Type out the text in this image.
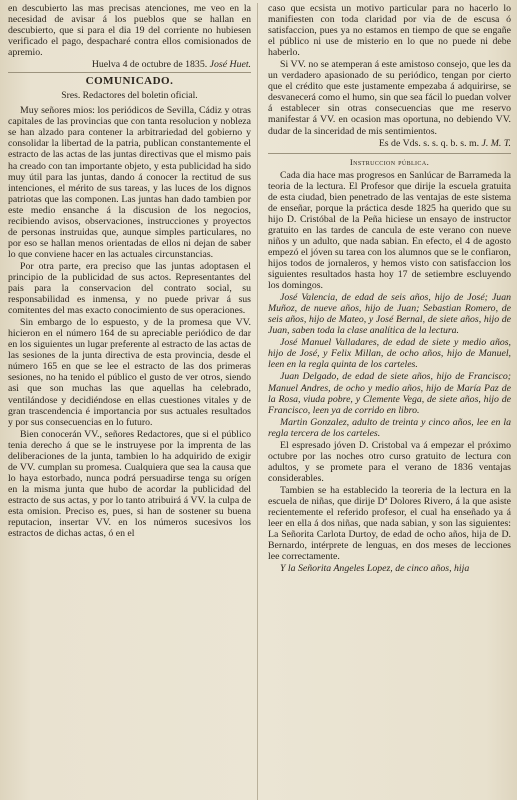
en descubierto las mas precisas atenciones, me veo en la necesidad de avisar á los pueblos que se hallan en descubierto, que si para el dia 19 del corriente no hubiesen verificado el pago, despacharé contra ellos comisionados de apremio.

Huelva 4 de octubre de 1835. José Huet.

COMUNICADO.
Sres. Redactores del boletin oficial.

Muy señores mios: los periódicos de Sevilla, Cádiz y otras capitales de las provincias que con tanta resolucion y nobleza se han alzado para contener la arbitrariedad del gobierno y consolidar la libertad de la patria, publican constantemente el estracto de las actas de las juntas directivas que el mismo pais ha creado con tan importante objeto, y esta publicidad ha sido muy útil para las juntas, dando á conocer la rectitud de sus intenciones, el mérito de sus tareas, y las luces de los dignos patriotas que las componen. Las juntas han dado tambien por este medio ensanche á la discusion de los negocios, recibiendo avisos, observaciones, instrucciones y proyectos de personas instruidas que, aunque simples particulares, no por eso se hallan menos orientadas de ellos ni dejan de saber lo que conviene hacer en las actuales circunstancias.

Por otra parte, era preciso que las juntas adoptasen el principio de la publicidad de sus actos. Representantes del pais para la conservacion del contrato social, su responsabilidad es inmensa, y no puede privar á sus comitentes del mas exacto conocimiento de sus operaciones.

Sin embargo de lo espuesto, y de la promesa que VV. hicieron en el número 164 de su apreciable periódico de dar en los siguientes un lugar preferente al estracto de las actas de las sesiones de la junta directiva de esta provincia, desde el número 165 en que se lee el estracto de las dos primeras sesiones, no ha tenido el público el gusto de ver otros, siendo asi que son muchas las que aquellas ha celebrado, ventilándose y decidiéndose en ellas cuestiones vitales y de gran trascendencia é importancia por sus actuales resultados y por sus consecuencias en lo futuro.

Bien conocerán VV., señores Redactores, que si el público tenia derecho á que se le instruyese por la imprenta de las deliberaciones de la junta, tambien lo ha adquirido de exigir de VV. cumplan su promesa. Cualquiera que sea la causa que lo haya estorbado, nunca podrá persuadirse tenga su orígen en la misma junta que hubo de acordar la publicidad del estracto de sus actas, y por lo tanto atribuirá á VV. la culpa de esta omision. Preciso es, pues, si han de sostener su buena reputacion, insertar VV. en los números sucesivos los estractos de dichas actas, ó en el

caso que ecsista un motivo particular para no hacerlo lo manifiesten con toda claridad por via de de escusa ó satisfaccion, pues ya no estamos en tiempo de que se engañe el público ni use de misterio en lo que no puede ni debe haberlo.

Si VV. no se atemperan á este amistoso consejo, que les da un verdadero apasionado de su periódico, tengan por cierto que el crédito que este justamente empezaba á adquirirse, se desvanecerá como el humo, sin que sea fácil lo puedan volver á establecer sin otras consecuencias que me reservo manifestar á VV. en ocasion mas oportuna, no debiendo VV. dudar de la sinceridad de mis sentimientos.

Es de Vds. s. s. q. b. s. m. J. M. T.

Instruccion pública.

Cada dia hace mas progresos en Sanlúcar de Barrameda la teoria de la lectura. El Profesor que dirije la escuela gratuita de esta ciudad, bien penetrado de las ventajas de este sistema de enseñar, porque la práctica desde 1825 ha querido que su hijo D. Cristóbal de la Peña hiciese un ensayo de instructor gratuito en las tardes de cancula de este verano con nueve niños y un adulto, que nada sabian. En efecto, el 4 de agosto empezó el jóven su tarea con los alumnos que se le confiaron, hijos todos de jornaleros, y hemos visto con satisfaccion los siguientes resultados hasta hoy 17 de setiembre escluyendo los domingos.

José Valencia, de edad de seis años, hijo de José; Juan Muñoz, de nueve años, hijo de Juan; Sebastian Romero, de seis años, hijo de Mateo, y José Bernal, de siete años, hijo de Juan, saben toda la clase analítica de la lectura.

José Manuel Valladares, de edad de siete y medio años, hijo de José, y Felix Millan, de ocho años, hijo de Manuel, leen en la regla quinta de los carteles.

Juan Delgado, de edad de siete años, hijo de Francisco; Manuel Andres, de ocho y medio años, hijo de María Paz de la Rosa, viuda pobre, y Clemente Vega, de siete años, hijo de Francisco, leen ya de corrido en libro.

Martin Gonzalez, adulto de treinta y cinco años, lee en la regla tercera de los carteles.

El espresado jóven D. Cristobal va á empezar el próximo octubre por las noches otro curso gratuito de lectura con adultos, y se promete para el verano de 1836 ventajas considerables.

Tambien se ha establecido la teoreria de la lectura en la escuela de niñas, que dirije Dª Dolores Rivero, á la que asiste recientemente el referido profesor, el cual ha enseñado ya á leer en ella á dos niñas, que nada sabian, y son las siguientes: La Señorita Carlota Durtoy, de edad de ocho años, hija de D. Bernardo, intérprete de lenguas, en dos meses de lecciones lee correctamente.

Y la Señorita Angeles Lopez, de cinco años, hija
